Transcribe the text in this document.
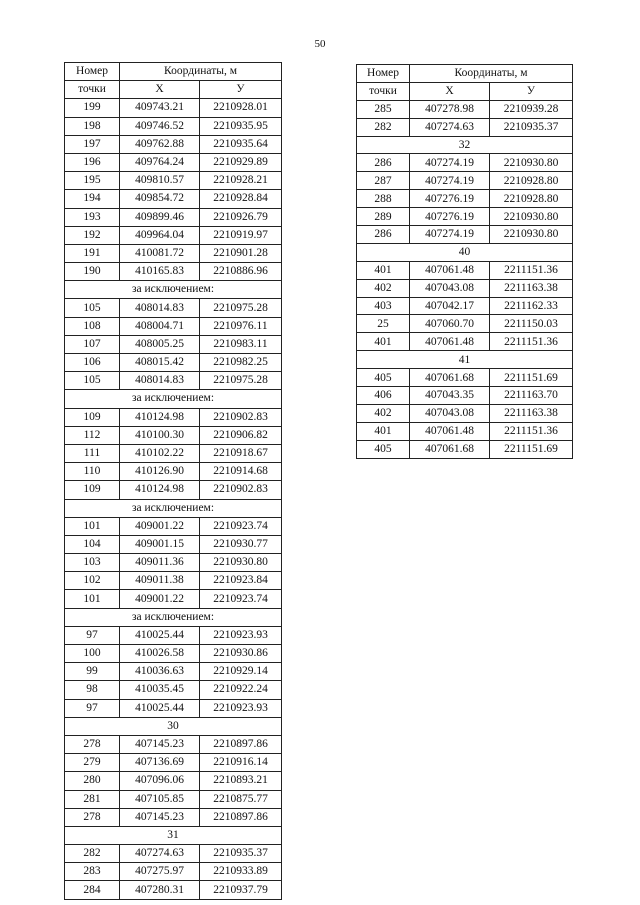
50
Номер	Координаты, м	
точки	X	У
199	409743.21	2210928.01
198	409746.52	2210935.95
197	409762.88	2210935.64
196	409764.24	2210929.89
195	409810.57	2210928.21
194	409854.72	2210928.84
193	409899.46	2210926.79
192	409964.04	2210919.97
191	410081.72	2210901.28
190	410165.83	2210886.96
за исключением:		
105	408014.83	2210975.28
108	408004.71	2210976.11
107	408005.25	2210983.11
106	408015.42	2210982.25
105	408014.83	2210975.28
за исключением:		
109	410124.98	2210902.83
112	410100.30	2210906.82
111	410102.22	2210918.67
110	410126.90	2210914.68
109	410124.98	2210902.83
за исключением:		
101	409001.22	2210923.74
104	409001.15	2210930.77
103	409011.36	2210930.80
102	409011.38	2210923.84
101	409001.22	2210923.74
за исключением:		
97	410025.44	2210923.93
100	410026.58	2210930.86
99	410036.63	2210929.14
98	410035.45	2210922.24
97	410025.44	2210923.93
30		
278	407145.23	2210897.86
279	407136.69	2210916.14
280	407096.06	2210893.21
281	407105.85	2210875.77
278	407145.23	2210897.86
31		
282	407274.63	2210935.37
283	407275.97	2210933.89
284	407280.31	2210937.79
Номер	Координаты, м	
точки	X	У
285	407278.98	2210939.28
282	407274.63	2210935.37
32		
286	407274.19	2210930.80
287	407274.19	2210928.80
288	407276.19	2210928.80
289	407276.19	2210930.80
286	407274.19	2210930.80
40		
401	407061.48	2211151.36
402	407043.08	2211163.38
403	407042.17	2211162.33
25	407060.70	2211150.03
401	407061.48	2211151.36
41		
405	407061.68	2211151.69
406	407043.35	2211163.70
402	407043.08	2211163.38
401	407061.48	2211151.36
405	407061.68	2211151.69
